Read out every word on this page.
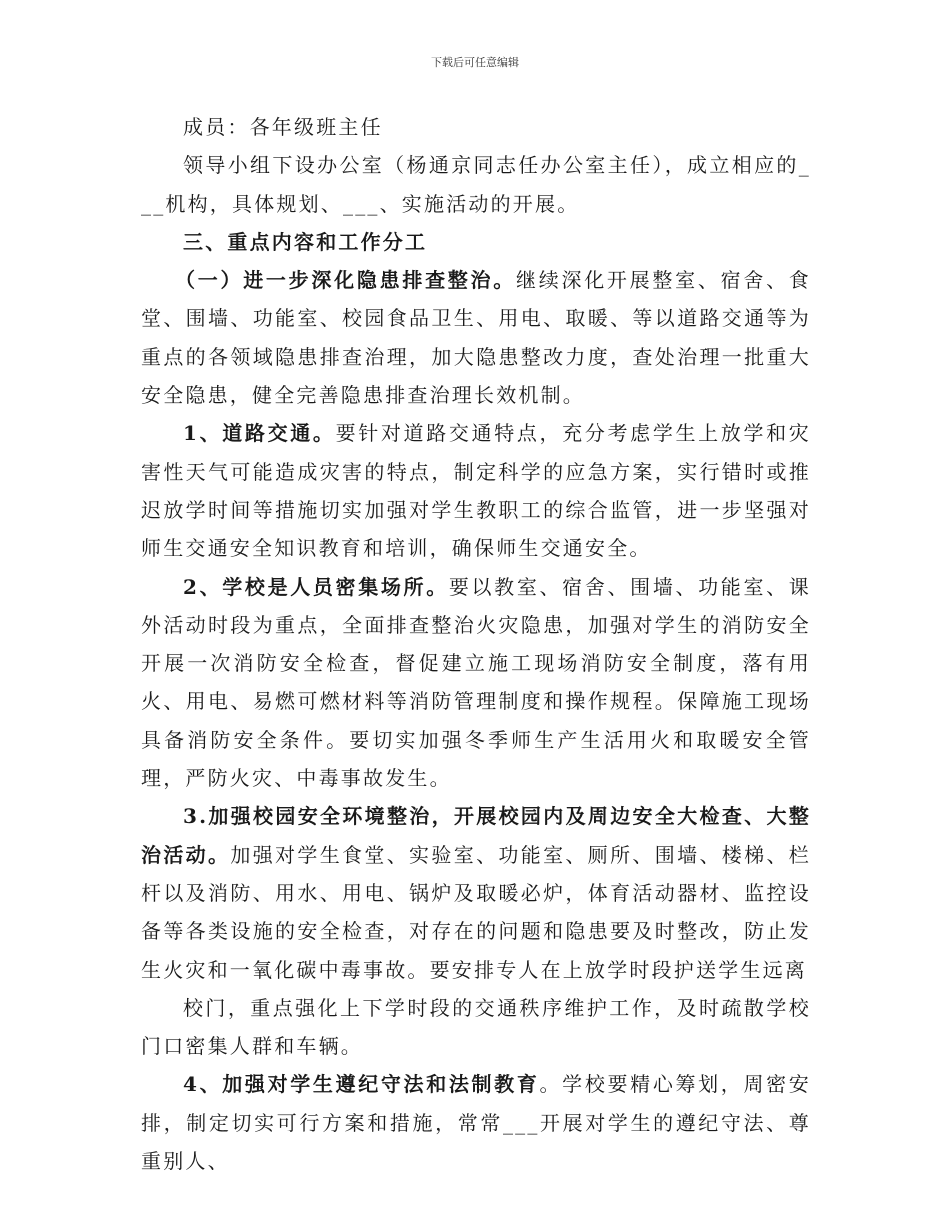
下载后可任意编辑

成员：各年级班主任

领导小组下设办公室（杨通京同志任办公室主任），成立相应的___机构，具体规划、___、实施活动的开展。

三、重点内容和工作分工

（一）进一步深化隐患排查整治。继续深化开展整室、宿舍、食堂、围墙、功能室、校园食品卫生、用电、取暖、等以道路交通等为重点的各领域隐患排查治理，加大隐患整改力度，查处治理一批重大安全隐患，健全完善隐患排查治理长效机制。

1、道路交通。要针对道路交通特点，充分考虑学生上放学和灾害性天气可能造成灾害的特点，制定科学的应急方案，实行错时或推迟放学时间等措施切实加强对学生教职工的综合监管，进一步坚强对师生交通安全知识教育和培训，确保师生交通安全。

2、学校是人员密集场所。要以教室、宿舍、围墙、功能室、课外活动时段为重点，全面排查整治火灾隐患，加强对学生的消防安全开展一次消防安全检查，督促建立施工现场消防安全制度，落有用火、用电、易燃可燃材料等消防管理制度和操作规程。保障施工现场具备消防安全条件。要切实加强冬季师生产生活用火和取暖安全管理，严防火灾、中毒事故发生。

3.加强校园安全环境整治，开展校园内及周边安全大检查、大整治活动。加强对学生食堂、实验室、功能室、厕所、围墙、楼梯、栏杆以及消防、用水、用电、锅炉及取暖必炉，体育活动器材、监控设备等各类设施的安全检查，对存在的问题和隐患要及时整改，防止发生火灾和一氧化碳中毒事故。要安排专人在上放学时段护送学生远离

校门，重点强化上下学时段的交通秩序维护工作，及时疏散学校门口密集人群和车辆。

4、加强对学生遵纪守法和法制教育。学校要精心筹划，周密安排，制定切实可行方案和措施，常常___开展对学生的遵纪守法、尊重别人、
